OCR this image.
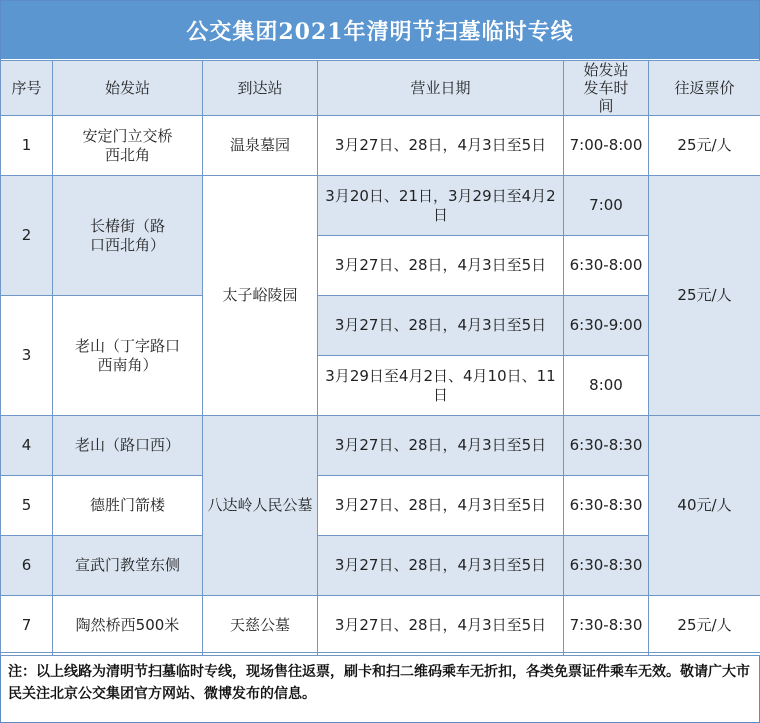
公交集团2021年清明节扫墓临时专线
序号	始发站	到达站	营业日期	始发站发车时间	往返票价
1	安定门立交桥西北角	温泉墓园	3月27日、28日，4月3日至5日	7:00-8:00	25元/人
2	长椿街（路口西北角）	太子峪陵园	3月20日、21日，3月29日至4月2日	7:00	25元/人
			3月27日、28日，4月3日至5日	6:30-8:00	
3	老山（丁字路口西南角）		3月27日、28日，4月3日至5日	6:30-9:00	
			3月29日至4月2日、4月10日、11日	8:00	
4	老山（路口西）	八达岭人民公墓	3月27日、28日，4月3日至5日	6:30-8:30	40元/人
5	德胜门箭楼		3月27日、28日，4月3日至5日	6:30-8:30	
6	宣武门教堂东侧		3月27日、28日，4月3日至5日	6:30-8:30	
7	陶然桥西500米	天慈公墓	3月27日、28日，4月3日至5日	7:30-8:30	25元/人
注：以上线路为清明节扫墓临时专线，现场售往返票，刷卡和扫二维码乘车无折扣，各类免票证件乘车无效。敬请广大市民关注北京公交集团官方网站、微博发布的信息。
